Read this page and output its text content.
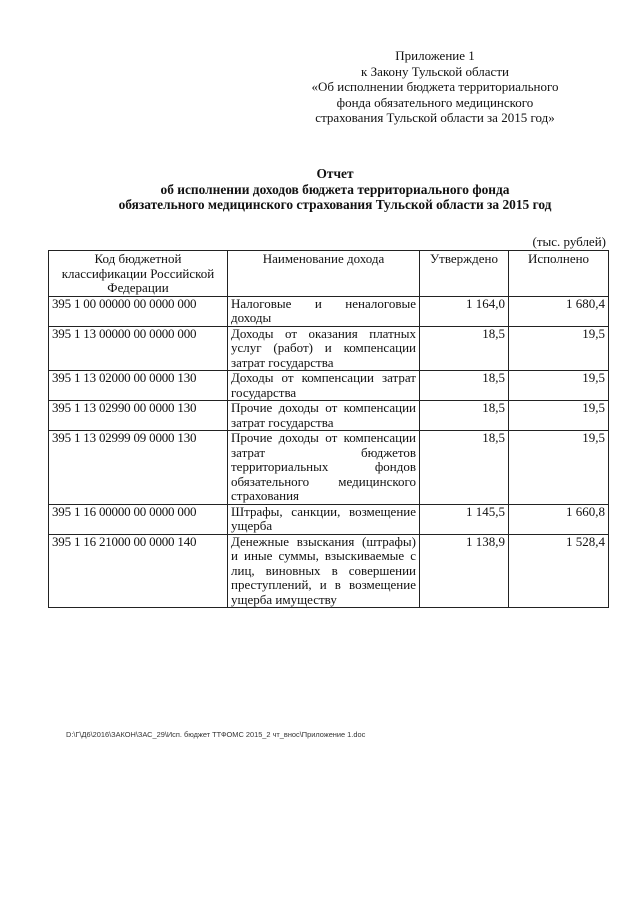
Приложение 1
к Закону Тульской области
«Об исполнении бюджета территориального
фонда обязательного медицинского
страхования Тульской области за 2015 год»
Отчет
об исполнении доходов бюджета территориального фонда
обязательного медицинского страхования Тульской области за 2015 год
(тыс. рублей)
Код бюджетной классификации Российской Федерации	Наименование дохода	Утверждено	Исполнено
395 1 00 00000 00 0000 000	Налоговые и неналоговые доходы	1 164,0	1 680,4
395 1 13 00000 00 0000 000	Доходы от оказания платных услуг (работ) и компенсации затрат государства	18,5	19,5
395 1 13 02000 00 0000 130	Доходы от компенсации затрат государства	18,5	19,5
395 1 13 02990 00 0000 130	Прочие доходы от компенсации затрат государства	18,5	19,5
395 1 13 02999 09 0000 130	Прочие доходы от компенсации затрат бюджетов территориальных фондов обязательного медицинского страхования	18,5	19,5
395 1 16 00000 00 0000 000	Штрафы, санкции, возмещение ущерба	1 145,5	1 660,8
395 1 16 21000 00 0000 140	Денежные взыскания (штрафы) и иные суммы, взыскиваемые с лиц, виновных в совершении преступлений, и в возмещение ущерба имуществу	1 138,9	1 528,4
D:\Г\Д6\2016\ЗАКОН\ЗАС_29\Исп. бюджет ТТФОМС 2015_2 чт_внос\Приложение 1.doc
